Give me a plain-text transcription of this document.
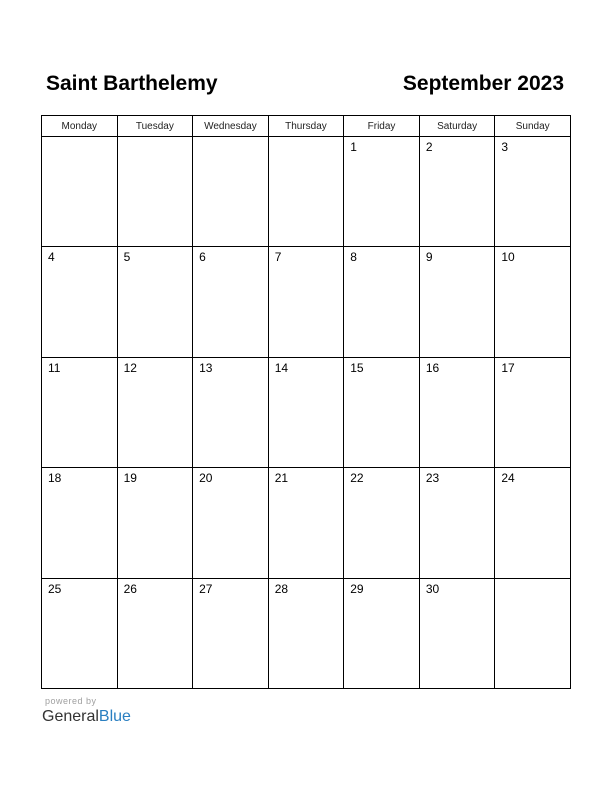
Saint Barthelemy	September 2023
Monday	Tuesday	Wednesday	Thursday	Friday	Saturday	Sunday

				1	2	3

4	5	6	7	8	9	10

11	12	13	14	15	16	17

18	19	20	21	22	23	24

25	26	27	28	29	30	

powered by
GeneralBlue
